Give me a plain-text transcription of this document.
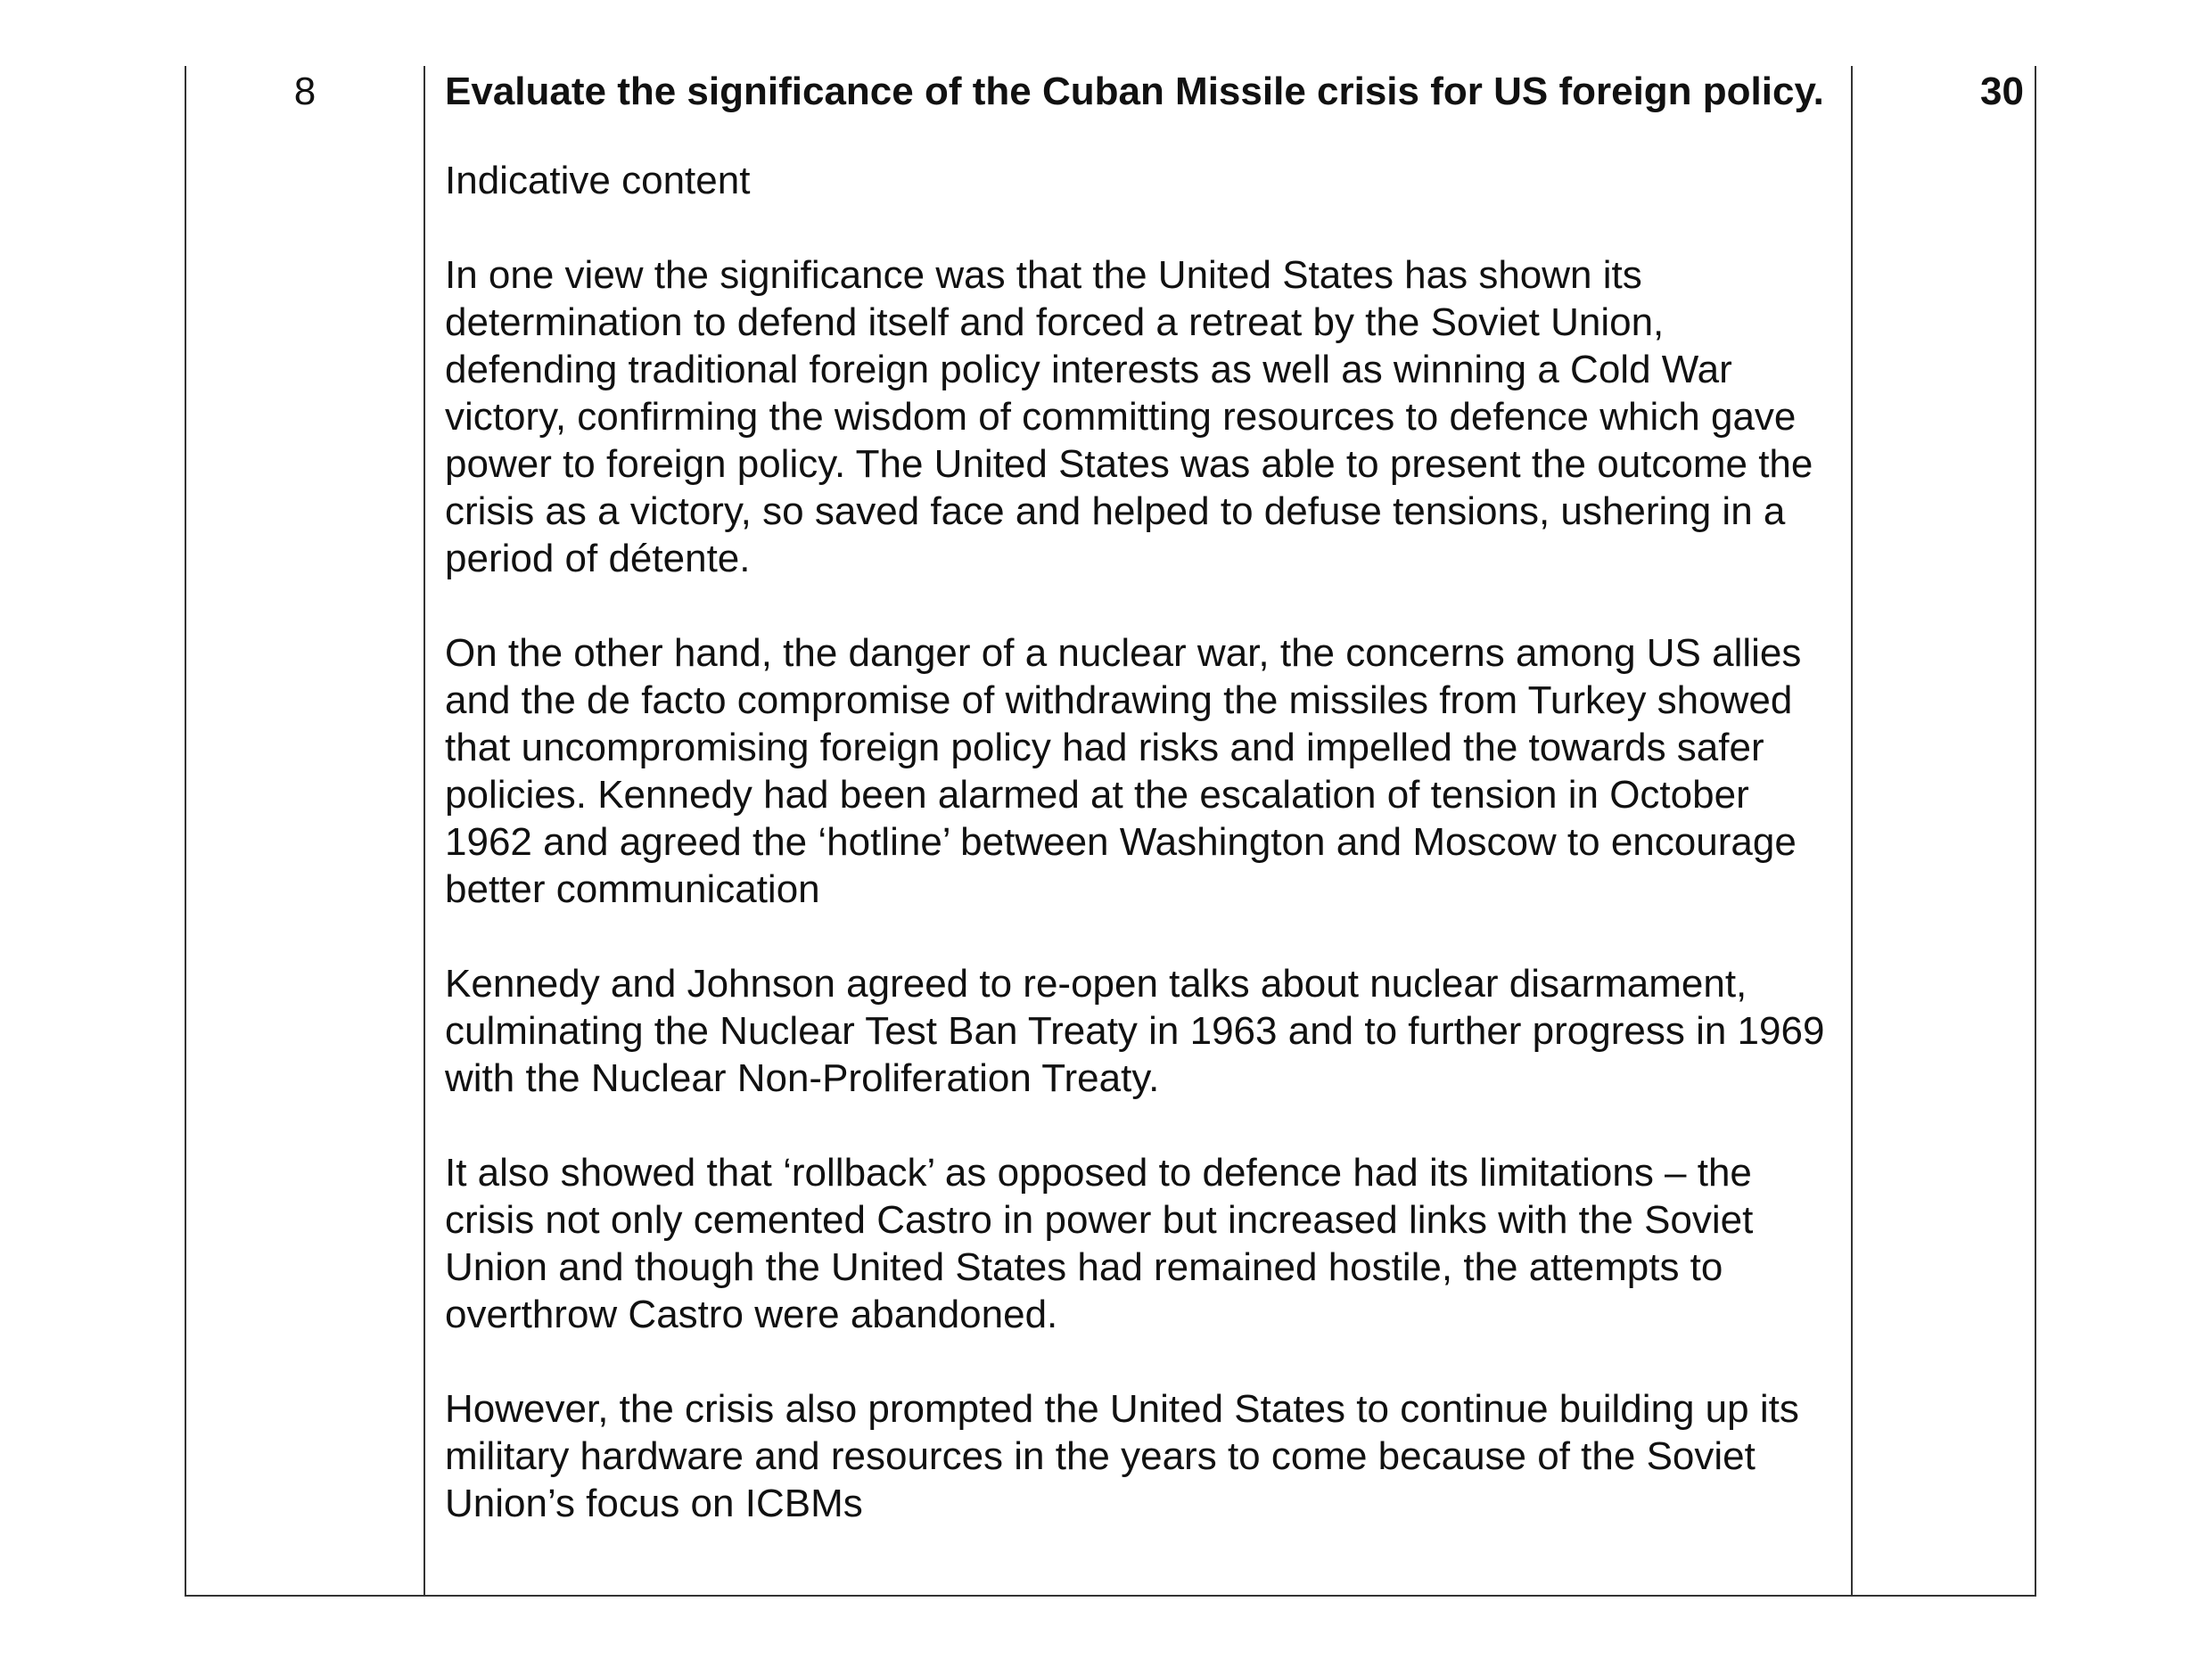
8	Evaluate the significance of the Cuban Missile crisis for US foreign policy.

Indicative content

In one view the significance was that the United States has shown its determination to defend itself and forced a retreat by the Soviet Union, defending traditional foreign policy interests as well as winning a Cold War victory, confirming the wisdom of committing resources to defence which gave power to foreign policy. The United States was able to present the outcome the crisis as a victory, so saved face and helped to defuse tensions, ushering in a period of détente.

On the other hand, the danger of a nuclear war, the concerns among US allies and the de facto compromise of withdrawing the missiles from Turkey showed that uncompromising foreign policy had risks and impelled the towards safer policies. Kennedy had been alarmed at the escalation of tension in October 1962 and agreed the ‘hotline’ between Washington and Moscow to encourage better communication

Kennedy and Johnson agreed to re-open talks about nuclear disarmament, culminating the Nuclear Test Ban Treaty in 1963 and to further progress in 1969 with the Nuclear Non-Proliferation Treaty.

It also showed that ‘rollback’ as opposed to defence had its limitations – the crisis not only cemented Castro in power but increased links with the Soviet Union and though the United States had remained hostile, the attempts to overthrow Castro were abandoned.

However, the crisis also prompted the United States to continue building up its military hardware and resources in the years to come because of the Soviet Union’s focus on ICBMs

30
